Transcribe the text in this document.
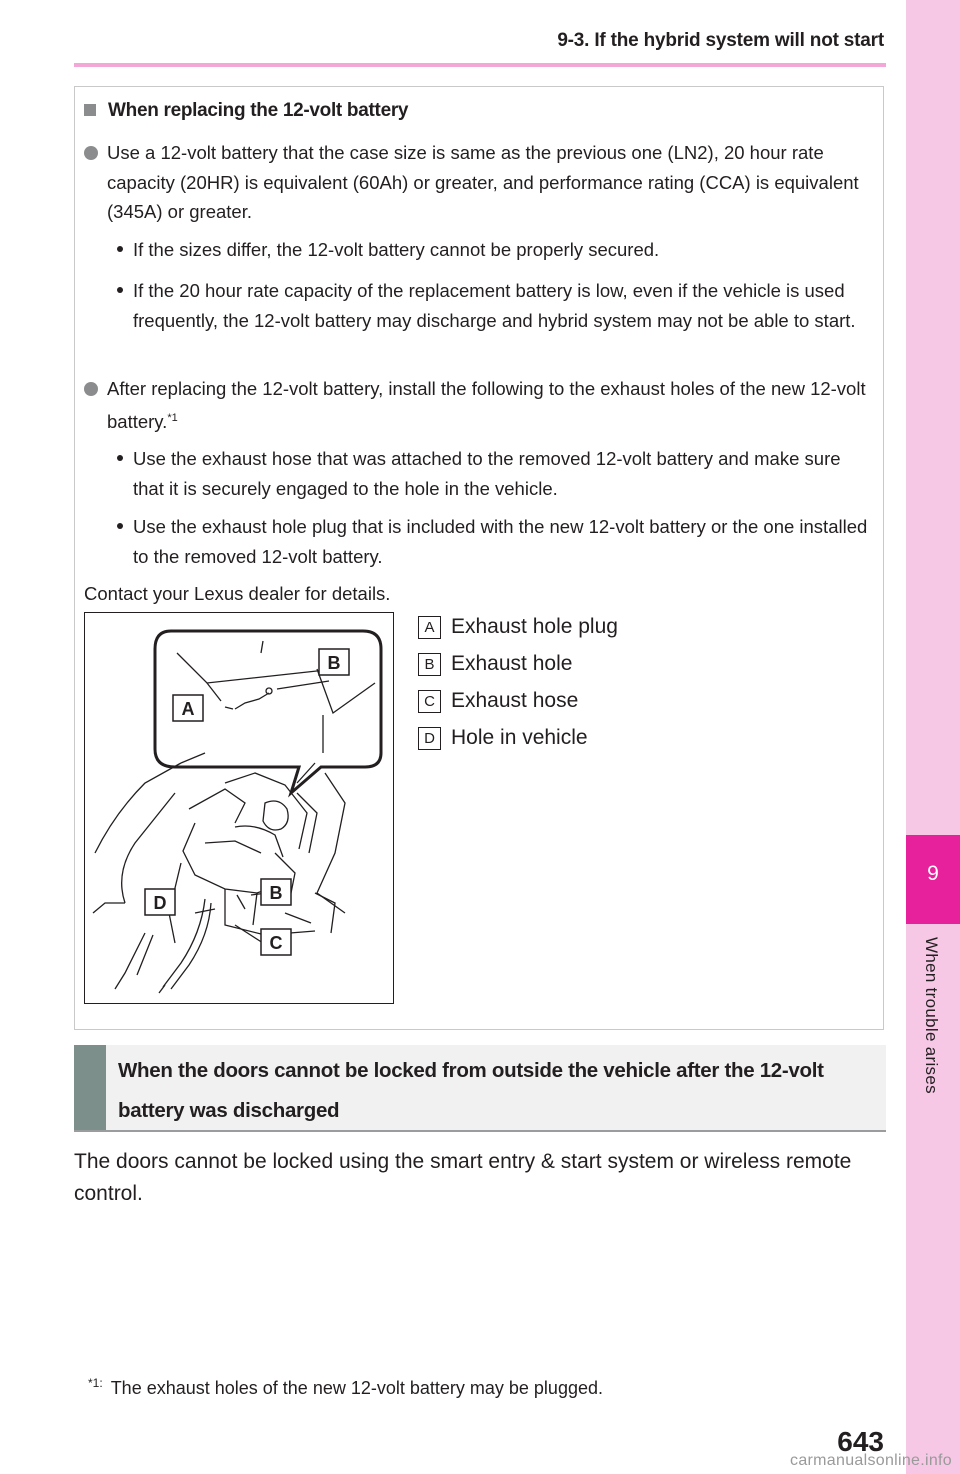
9-3. If the hybrid system will not start
9
When trouble arises
When replacing the 12-volt battery
Use a 12-volt battery that the case size is same as the previous one (LN2), 20 hour rate capacity (20HR) is equivalent (60Ah) or greater, and performance rating (CCA) is equivalent (345A) or greater.
If the sizes differ, the 12-volt battery cannot be properly secured.
If the 20 hour rate capacity of the replacement battery is low, even if the vehicle is used frequently, the 12-volt battery may discharge and hybrid system may not be able to start.
After replacing the 12-volt battery, install the following to the exhaust holes of the new 12-volt battery.$^{*1}$
Use the exhaust hose that was attached to the removed 12-volt battery and make sure that it is securely engaged to the hole in the vehicle.
Use the exhaust hole plug that is included with the new 12-volt battery or the one installed to the removed 12-volt battery.
Contact your Lexus dealer for details.
A
B
B
C
D
A Exhaust hole plug
B Exhaust hole
C Exhaust hose
D Hole in vehicle
When the doors cannot be locked from outside the vehicle after the 12-volt battery was discharged
The doors cannot be locked using the smart entry & start system or wireless remote control.
$^{*1:}$ The exhaust holes of the new 12-volt battery may be plugged.
643
carmanualsonline.info
